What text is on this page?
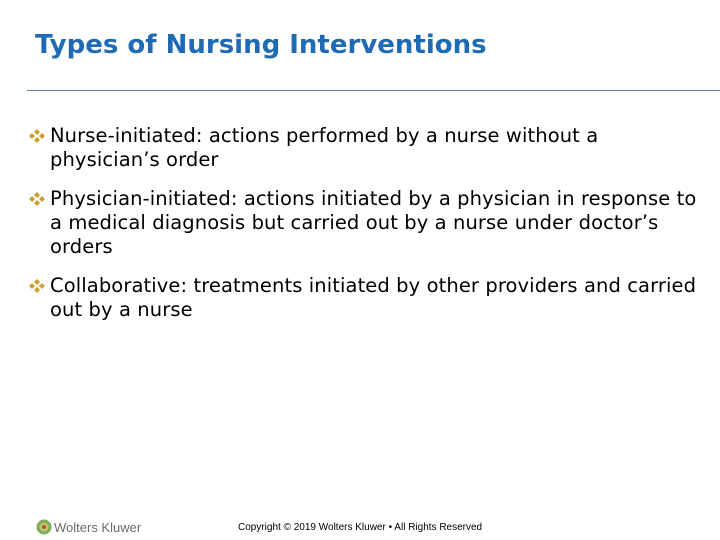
Types of Nursing Interventions
Nurse-initiated: actions performed by a nurse without a physician’s order
Physician-initiated: actions initiated by a physician in response to a medical diagnosis but carried out by a nurse under doctor’s orders
Collaborative: treatments initiated by other providers and carried out by a nurse
Wolters Kluwer	Copyright © 2019 Wolters Kluwer • All Rights Reserved
